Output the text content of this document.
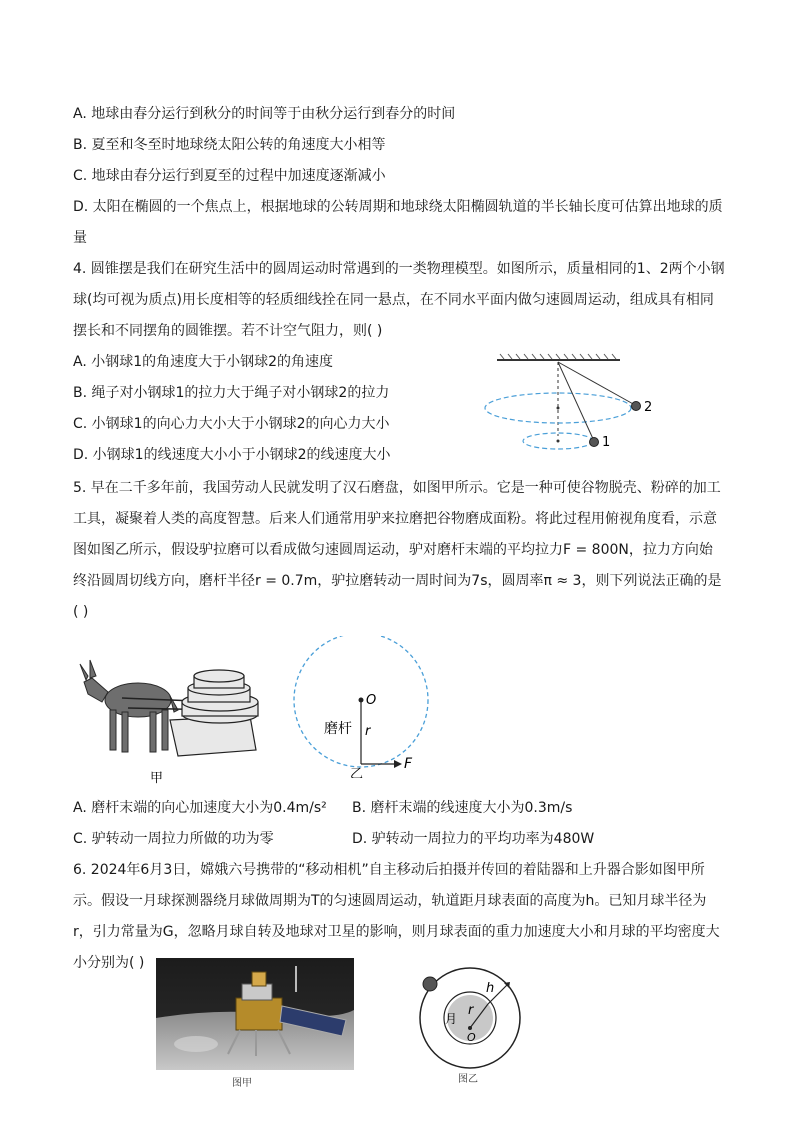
A. 地球由春分运行到秋分的时间等于由秋分运行到春分的时间
B. 夏至和冬至时地球绕太阳公转的角速度大小相等
C. 地球由春分运行到夏至的过程中加速度逐渐减小
D. 太阳在椭圆的一个焦点上，根据地球的公转周期和地球绕太阳椭圆轨道的半长轴长度可估算出地球的质
量
4. 圆锥摆是我们在研究生活中的圆周运动时常遇到的一类物理模型。如图所示，质量相同的1、2两个小钢
球(均可视为质点)用长度相等的轻质细线拴在同一悬点，在不同水平面内做匀速圆周运动，组成具有相同
摆长和不同摆角的圆锥摆。若不计空气阻力，则( )
A. 小钢球1的角速度大于小钢球2的角速度
B. 绳子对小钢球1的拉力大于绳子对小钢球2的拉力
C. 小钢球1的向心力大小大于小钢球2的向心力大小
D. 小钢球1的线速度大小小于小钢球2的线速度大小
2
1
5. 早在二千多年前，我国劳动人民就发明了汉石磨盘，如图甲所示。它是一种可使谷物脱壳、粉碎的加工
工具，凝聚着人类的高度智慧。后来人们通常用驴来拉磨把谷物磨成面粉。将此过程用俯视角度看，示意
图如图乙所示，假设驴拉磨可以看成做匀速圆周运动，驴对磨杆末端的平均拉力F = 800N，拉力方向始
终沿圆周切线方向，磨杆半径r = 0.7m，驴拉磨转动一周时间为7s，圆周率π ≈ 3，则下列说法正确的是
( )
甲
O
r
磨杆
F
乙
A. 磨杆末端的向心加速度大小为0.4m/s² B. 磨杆末端的线速度大小为0.3m/s
C. 驴转动一周拉力所做的功为零	D. 驴转动一周拉力的平均功率为480W
6. 2024年6月3日，嫦娥六号携带的“移动相机”自主移动后拍摄并传回的着陆器和上升器合影如图甲所
示。假设一月球探测器绕月球做周期为T的匀速圆周运动，轨道距月球表面的高度为h。已知月球半径为
r，引力常量为G，忽略月球自转及地球对卫星的影响，则月球表面的重力加速度大小和月球的平均密度大
小分别为( )
图甲
月
O
r
h
图乙
